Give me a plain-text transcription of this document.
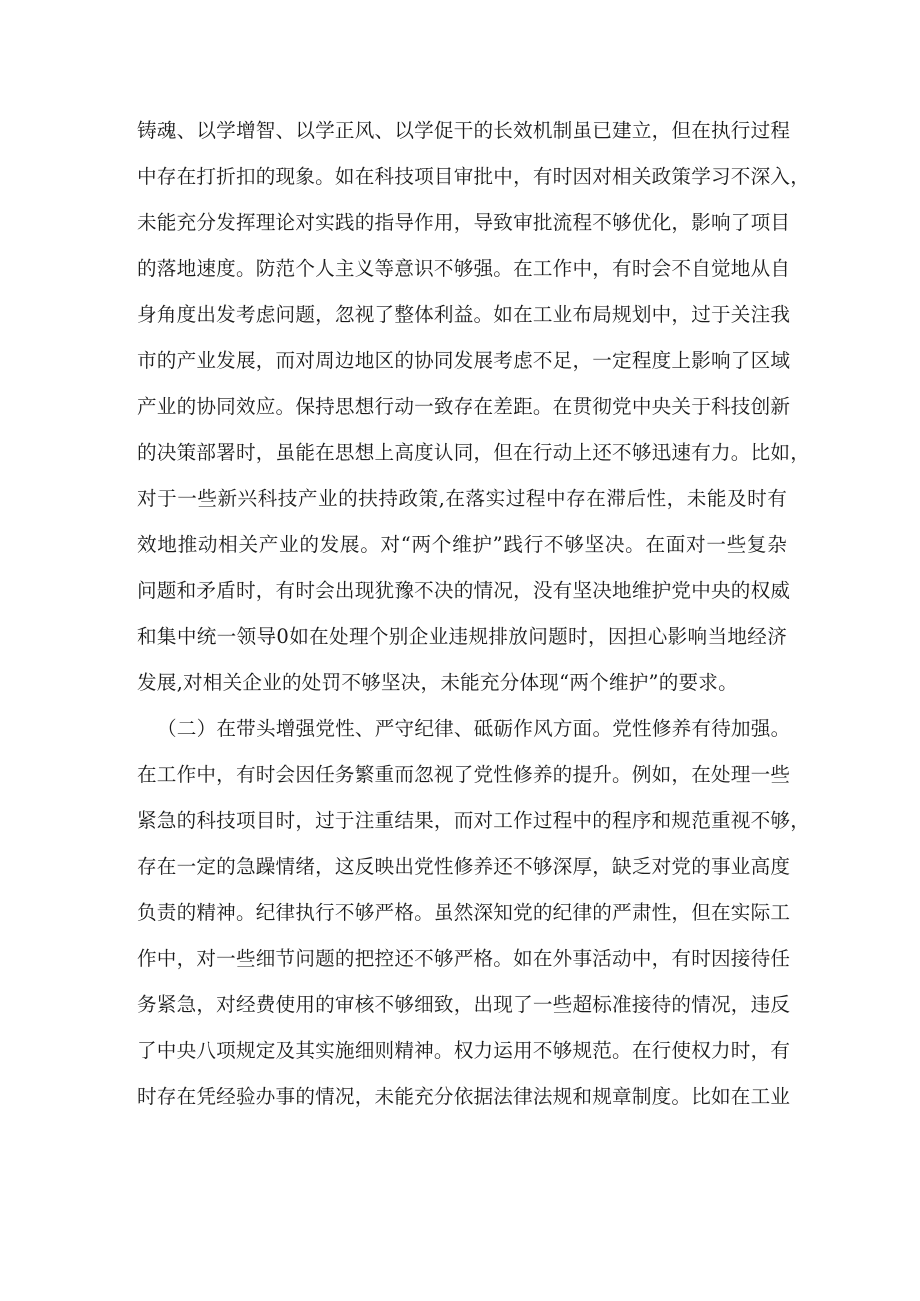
铸魂、以学增智、以学正风、以学促干的长效机制虽已建立，但在执行过程
中存在打折扣的现象。如在科技项目审批中，有时因对相关政策学习不深入，
未能充分发挥理论对实践的指导作用，导致审批流程不够优化，影响了项目
的落地速度。防范个人主义等意识不够强。在工作中，有时会不自觉地从自
身角度出发考虑问题，忽视了整体利益。如在工业布局规划中，过于关注我
市的产业发展，而对周边地区的协同发展考虑不足，一定程度上影响了区域
产业的协同效应。保持思想行动一致存在差距。在贯彻党中央关于科技创新
的决策部署时，虽能在思想上高度认同，但在行动上还不够迅速有力。比如，
对于一些新兴科技产业的扶持政策,在落实过程中存在滞后性，未能及时有
效地推动相关产业的发展。对“两个维护”践行不够坚决。在面对一些复杂
问题和矛盾时，有时会出现犹豫不决的情况，没有坚决地维护党中央的权威
和集中统一领导0如在处理个别企业违规排放问题时，因担心影响当地经济
发展,对相关企业的处罚不够坚决，未能充分体现“两个维护”的要求。
（二）在带头增强党性、严守纪律、砥砺作风方面。党性修养有待加强。
在工作中，有时会因任务繁重而忽视了党性修养的提升。例如，在处理一些
紧急的科技项目时，过于注重结果，而对工作过程中的程序和规范重视不够，
存在一定的急躁情绪，这反映出党性修养还不够深厚，缺乏对党的事业高度
负责的精神。纪律执行不够严格。虽然深知党的纪律的严肃性，但在实际工
作中，对一些细节问题的把控还不够严格。如在外事活动中，有时因接待任
务紧急，对经费使用的审核不够细致，出现了一些超标准接待的情况，违反
了中央八项规定及其实施细则精神。权力运用不够规范。在行使权力时，有
时存在凭经验办事的情况，未能充分依据法律法规和规章制度。比如在工业
